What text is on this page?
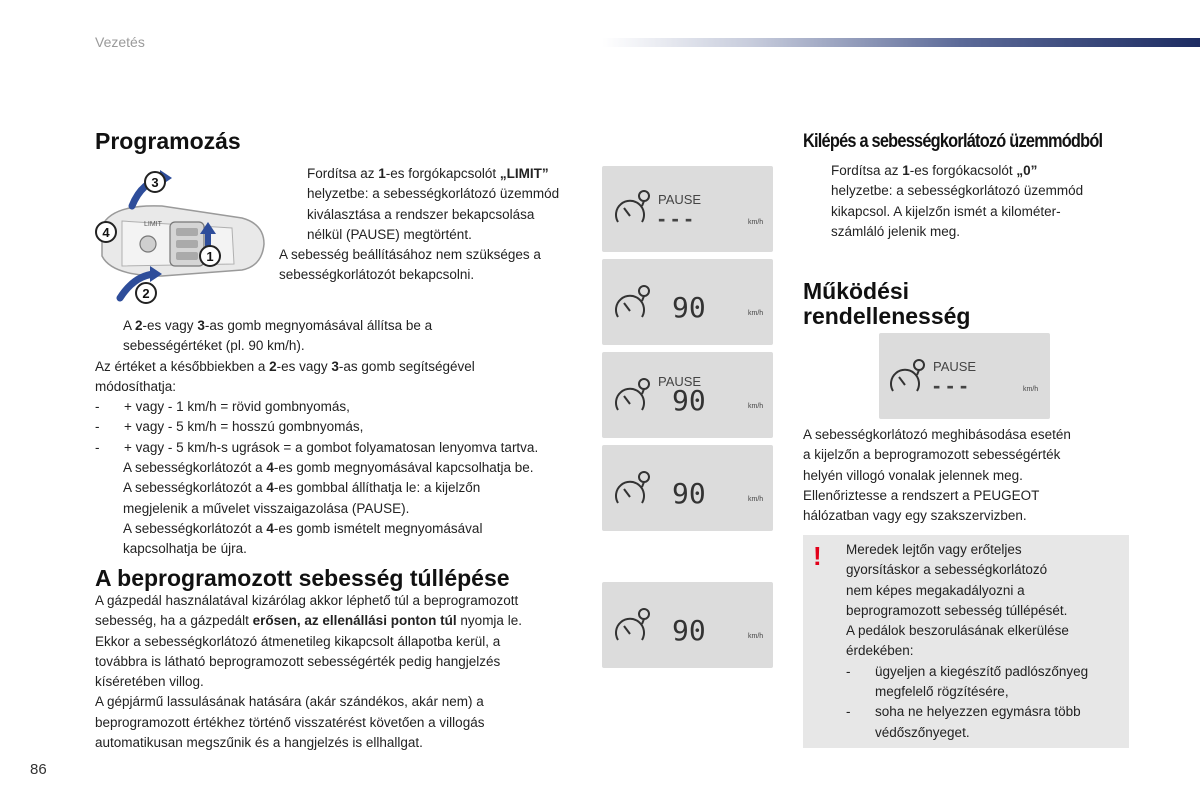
Vezetés
Programozás
LIMIT
3
4
1
2

Fordítsa az 1-es forgókapcsolót „LIMIT”

helyzetbe: a sebességkorlátozó üzemmód

kiválasztása a rendszer bekapcsolása

nélkül (PAUSE) megtörtént.

A sebesség beállításához nem szükséges a

sebességkorlátozót bekapcsolni.

A 2-es vagy 3-as gomb megnyomásával állítsa be a

sebességértéket (pl. 90 km/h).

Az értéket a későbbiekben a 2-es vagy 3-as gomb segítségével

módosíthatja:

- + vagy - 1 km/h = rövid gombnyomás,
- + vagy - 5 km/h = hosszú gombnyomás,
- + vagy - 5 km/h-s ugrások = a gombot folyamatosan lenyomva tartva.

A sebességkorlátozót a 4-es gomb megnyomásával kapcsolhatja be.

A sebességkorlátozót a 4-es gombbal állíthatja le: a kijelzőn

megjelenik a művelet visszaigazolása (PAUSE).

A sebességkorlátozót a 4-es gomb ismételt megnyomásával

kapcsolhatja be újra.

A beprogramozott sebesség túllépése

A gázpedál használatával kizárólag akkor léphető túl a beprogramozott

sebesség, ha a gázpedált erősen, az ellenállási ponton túl nyomja le.

Ekkor a sebességkorlátozó átmenetileg kikapcsolt állapotba kerül, a

továbbra is látható beprogramozott sebességérték pedig hangjelzés

kíséretében villog.

A gépjármű lassulásának hatására (akár szándékos, akár nem) a

beprogramozott értékhez történő visszatérést követően a villogás

automatikusan megszűnik és a hangjelzés is ellhallgat.

PAUSE
- - -	km/h
90	km/h
PAUSE
90	km/h
90	km/h
90	km/h
Kilépés a sebességkorlátozó üzemmódból

Fordítsa az 1-es forgókacsolót „0”

helyzetbe: a sebességkorlátozó üzemmód

kikapcsol. A kijelzőn ismét a kilométer-

számláló jelenik meg.

Működési
rendellenesség
PAUSE
- - -	km/h

A sebességkorlátozó meghibásodása esetén

a kijelzőn a beprogramozott sebességérték

helyén villogó vonalak jelennek meg.

Ellenőriztesse a rendszert a PEUGEOT

hálózatban vagy egy szakszervizben.

! Meredek lejtőn vagy erőteljes

gyorsításkor a sebességkorlátozó

nem képes megakadályozni a

beprogramozott sebesség túllépését.

A pedálok beszorulásának elkerülése

érdekében:

- ügyeljen a kiegészítő padlószőnyeg

megfelelő rögzítésére,

- soha ne helyezzen egymásra több

védőszőnyeget.

86
